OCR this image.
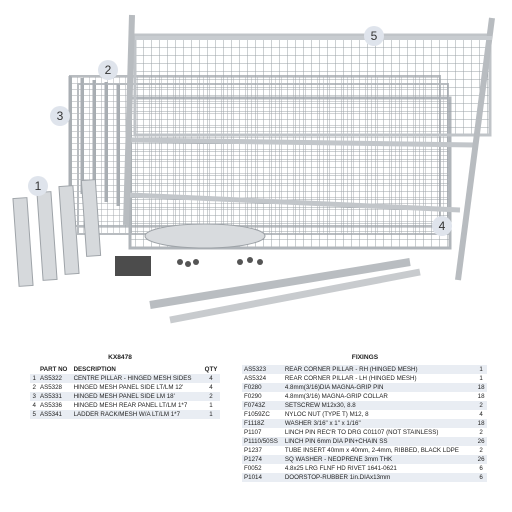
1
2
3
4
5
KX8478
	PART NO	DESCRIPTION	QTY
1	AS5322	CENTRE PILLAR - HINGED MESH SIDES	4
2	AS5328	HINGED MESH PANEL SIDE LT/LM 12'	4
3	AS5331	HINGED MESH PANEL SIDE LM 18'	2
4	AS5336	HINGED MESH REAR PANEL LT/LM 1*7	1
5	AS5341	LADDER RACK/MESH W/A LT/LM 1*7	1
FIXINGS
AS5323	REAR CORNER PILLAR - RH (HINGED MESH)	1
AS5324	REAR CORNER PILLAR - LH (HINGED MESH)	1
F0280	4.8mm(3/16)DIA MAGNA-GRIP PIN	18
F0290	4.8mm(3/16) MAGNA-GRIP COLLAR	18
F0743Z	SETSCREW M12x30, 8.8	2
F1059ZC	NYLOC NUT (TYPE T) M12, 8	4
F1118Z	WASHER 3/16" x 1" x 1/16"	18
P1107	LINCH PIN REC'R TO DRG C01107 (NOT STAINLESS)	2
P1110/50SS	LINCH PIN 6mm DIA PIN+CHAIN SS	26
P1237	TUBE INSERT 40mm x 40mm, 2-4mm, RIBBED, BLACK LDPE	2
P1274	SQ WASHER - NEOPRENE 3mm THK	26
F0052	4.8x25 LRG FLNF HD RIVET 1641-0621	6
P1014	DOORSTOP-RUBBER 1in.DIAx13mm	6
